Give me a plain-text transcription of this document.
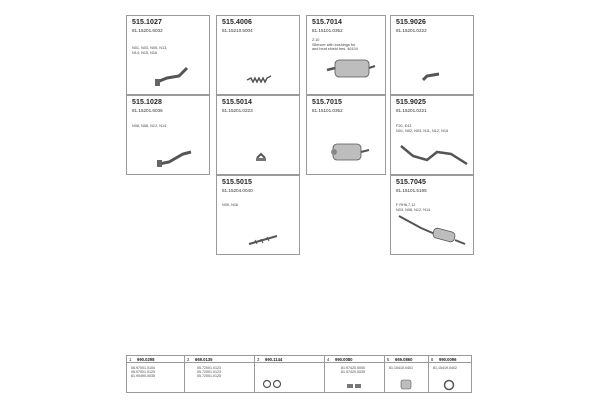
515.1027
81.15201.6032
N01, N03, N05, N13,
N14, N15, N16
515.4006
81.15210.5004
515.7014
81.15101.0352
2:10
Silencer with bushings for
and heat shield fres. 46104
515.9026
81.15201.0222
515.1028
81.15201.6036
N08, N08, N12, N14
515.5014
81.15201.0223
515.7015
81.15101.0352
515.9025
81.15201.0221
F20, E43
N01, N02, N03, N11, N12, N15
515.5015
81.15204.0040
N05, N16
515.7045
81.15101.5195
F RH6,7,12
N03, N08, N12, N14
1 990.0298
06.97001.0104
06.97001.0129
81.90490.0035
2 669.0135
05.72001.0123
05.72001.0123
05.72001.0125
3 990.1144	4 990.0080
81.97420.0050
81.97420.0035
5 669.0860
81.15410.0401
6 990.0096
81.15419.0402
